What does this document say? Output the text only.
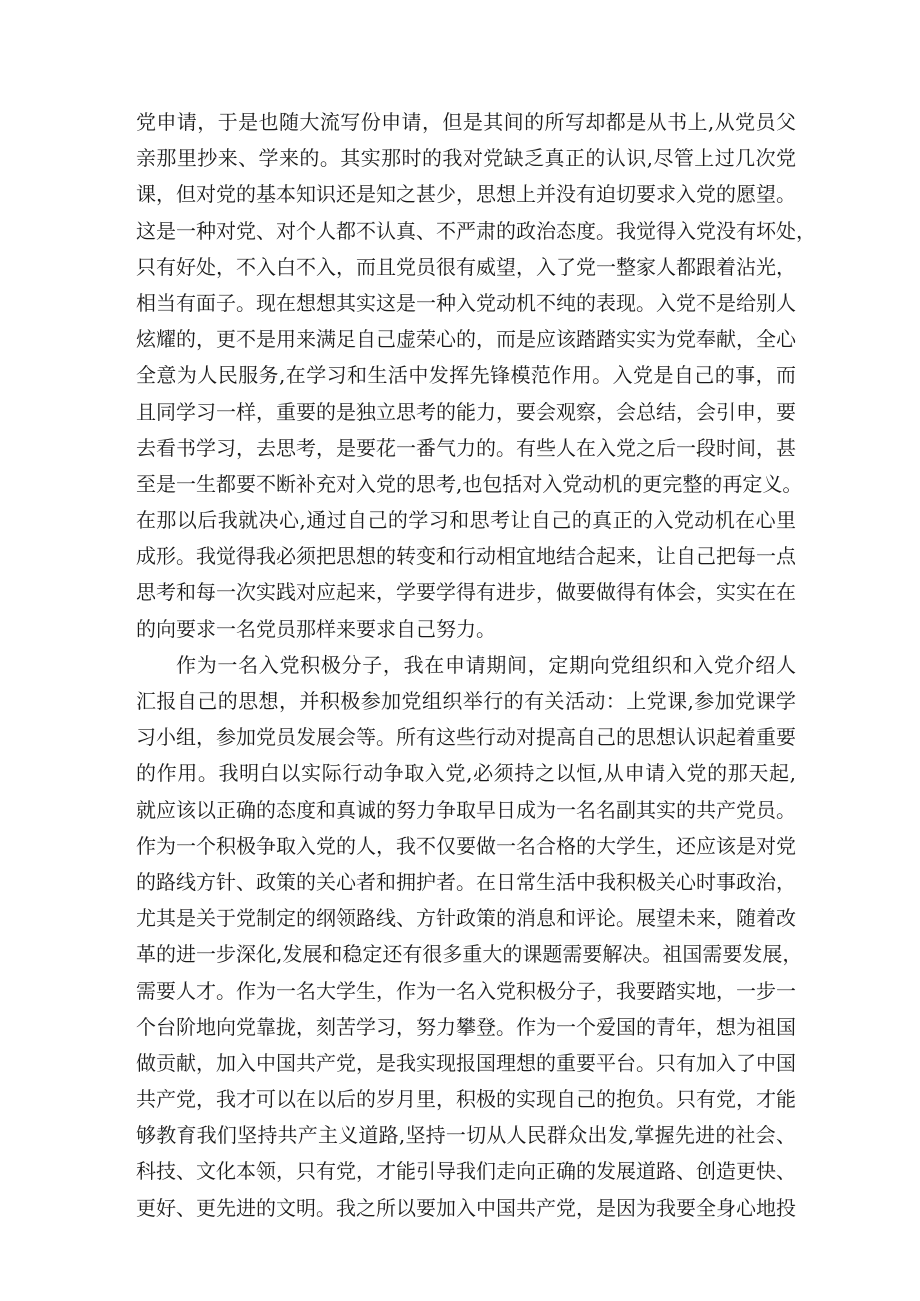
党申请，于是也随大流写份申请，但是其间的所写却都是从书上,从党员父
亲那里抄来、学来的。其实那时的我对党缺乏真正的认识,尽管上过几次党
课，但对党的基本知识还是知之甚少，思想上并没有迫切要求入党的愿望。
这是一种对党、对个人都不认真、不严肃的政治态度。我觉得入党没有坏处，
只有好处，不入白不入，而且党员很有威望，入了党一整家人都跟着沾光，
相当有面子。现在想想其实这是一种入党动机不纯的表现。入党不是给别人
炫耀的，更不是用来满足自己虚荣心的，而是应该踏踏实实为党奉献，全心
全意为人民服务,在学习和生活中发挥先锋模范作用。入党是自己的事，而
且同学习一样，重要的是独立思考的能力，要会观察，会总结，会引申，要
去看书学习，去思考，是要花一番气力的。有些人在入党之后一段时间，甚
至是一生都要不断补充对入党的思考,也包括对入党动机的更完整的再定义。
在那以后我就决心,通过自己的学习和思考让自己的真正的入党动机在心里
成形。我觉得我必须把思想的转变和行动相宜地结合起来，让自己把每一点
思考和每一次实践对应起来，学要学得有进步，做要做得有体会，实实在在
的向要求一名党员那样来要求自己努力。
作为一名入党积极分子，我在申请期间，定期向党组织和入党介绍人
汇报自己的思想，并积极参加党组织举行的有关活动：上党课,参加党课学
习小组，参加党员发展会等。所有这些行动对提高自己的思想认识起着重要
的作用。我明白以实际行动争取入党,必须持之以恒,从申请入党的那天起,
就应该以正确的态度和真诚的努力争取早日成为一名名副其实的共产党员。
作为一个积极争取入党的人，我不仅要做一名合格的大学生，还应该是对党
的路线方针、政策的关心者和拥护者。在日常生活中我积极关心时事政治，
尤其是关于党制定的纲领路线、方针政策的消息和评论。展望未来，随着改
革的进一步深化,发展和稳定还有很多重大的课题需要解决。祖国需要发展，
需要人才。作为一名大学生，作为一名入党积极分子，我要踏实地，一步一
个台阶地向党靠拢，刻苦学习，努力攀登。作为一个爱国的青年，想为祖国
做贡献，加入中国共产党，是我实现报国理想的重要平台。只有加入了中国
共产党，我才可以在以后的岁月里，积极的实现自己的抱负。只有党，才能
够教育我们坚持共产主义道路,坚持一切从人民群众出发,掌握先进的社会、
科技、文化本领，只有党，才能引导我们走向正确的发展道路、创造更快、
更好、更先进的文明。我之所以要加入中国共产党，是因为我要全身心地投
